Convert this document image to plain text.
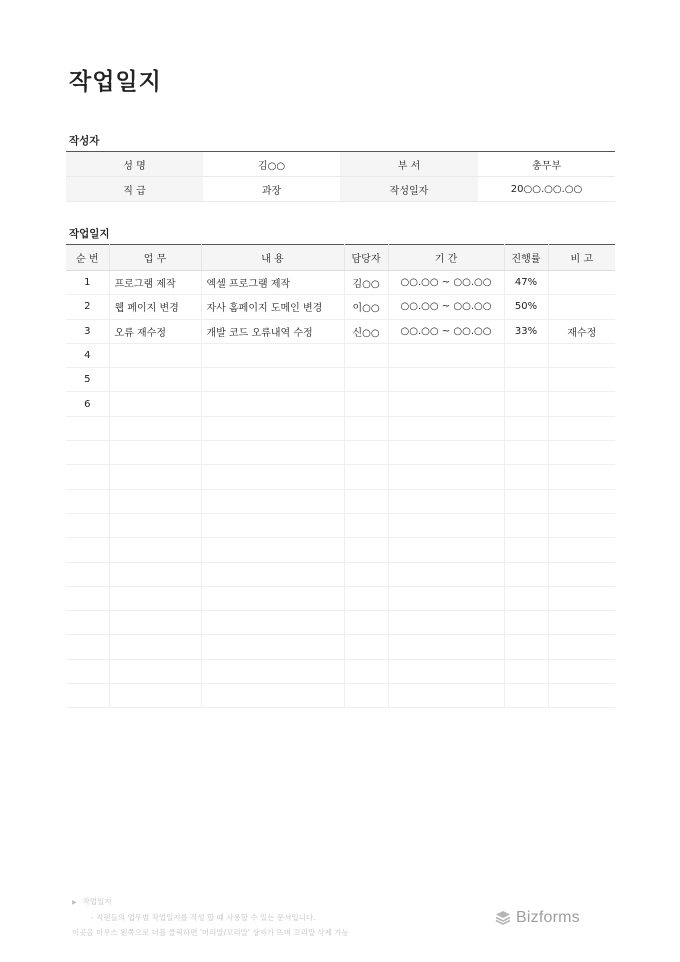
작업일지
작성자
성 명	김○○	부 서	총무부
직 급	과장	작성일자	20○○.○○.○○
작업일지
순 번	업 무	내 용	담당자	기 간	진행률	비 고
1	프로그램 제작	엑셀 프로그램 제작	김○○	○○.○○ ~ ○○.○○	47%	
2	웹 페이지 변경	자사 홈페이지 도메인 변경	이○○	○○.○○ ~ ○○.○○	50%	
3	오류 재수정	개발 코드 오류내역 수정	신○○	○○.○○ ~ ○○.○○	33%	재수정
4						
5						
6						

▶ 작업일지
- 직원들의 업무별 작업일지를 작성 할 때 사용할 수 있는 문서입니다.
이곳을 마우스 왼쪽으로 더블 클릭하면 '머리말/꼬리말' 상자가 뜨며 꼬리말 삭제 가능
Bizforms
